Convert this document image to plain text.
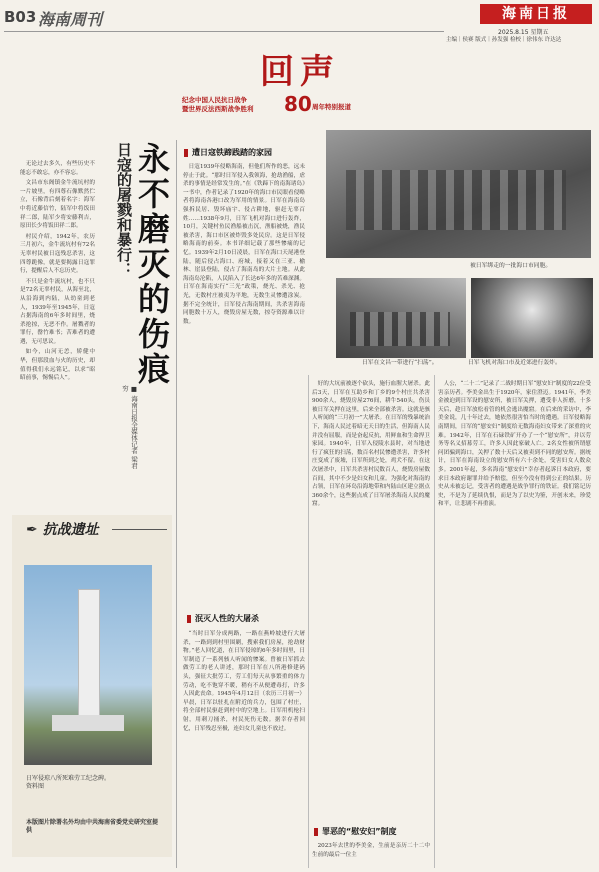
B03 海南周刊	海南日报
2025.8.15 星期五
主编｜侯赛 版式｜孙发强 检校｜徐伟东 许达达
回声
纪念中国人民抗日战争
暨世界反法西斯战争胜利 80 周年特别报道

无论过去多久，有些历史不能忘不敢忘，亦不容忘。

文昌市东阁镇金牛流坑村的一片坡里，有四尊石像默然伫立，石像背后刻着名字：海军中将近藤信竹，陆军中将饭田祥二郎，陆军少将安藤利吉，原田长少将饭田祥二郎。

村民介绍，1942年，农历三月初六，金牛流坑村有72名无辜村民被日寇残忍杀害，这四尊跪像，就是要揭露日寇罪行，提醒后人不忘历史。

不只是金牛流坑村，也不只是72名无辜村民，从海至北，从沿海到内陆，从幼童到老人，1939年至1945年，日寇占据海南的6年多时间里，烧杀抢掠，无恶不作。屠戮者的罪行，罄竹难书；苦难者的遭遇，无可思议。

如今，山河无恙，矫健中华，但那段血与火的历史，却值得我们永远铭记，以求“昭昭前事，惕惕后人”。	永不磨灭的伤痕
日寇的屠戮和暴行：
■ 海南日报全媒体记者 梁君穷
✒ 抗战遗址
日军侵琼八所死难劳工纪念碑。
资料图
本版图片除署名外均由中共海南省委党史研究室提供
遭日寇铁蹄践踏的家园
日寇1939年侵略海南，但他们所作的恶，远未停止于此。“那时日军侵入我领海，抢劫渔船，虐杀的事情是经常发生的。”在《铁蹄下的南海诸岛》一书中，作者记录了1920年的海口市民眼看侵略者将海南各港口改为军用的情景。日军在海南岛强拆民居、毁坏庙宇、侵占耕地，驱赶无辜百姓……1938年9月，日军飞机对海口进行轰炸，10月，关键村鱼民渔船被击沉，渔船被烧，渔民被杀害，海口市区被炸毁多处民房。这是日军侵略海南的前奏。本书详细记载了那些惨痛的记忆。1939年2月10日凌晨，日军在海口天尾港登陆，随后侵占海口、府城，接着又在三亚、榆林、崖县登陆，侵占了海南岛的大片土地。从此海南岛沦陷，人民陷入了长达6年多的苦难深渊。日军在海南实行“三光”政策，烧光、杀光、抢光，无数村庄被夷为平地，无数生灵惨遭涂炭。据不完全统计，日军侵占海南期间，共杀害海南同胞数十万人，烧毁房屋无数，掠夺资源难以计数。
泯灭人性的大屠杀
“当时日军分成两路，一路在燕岭坡进行大屠杀，一路到到村里围剿，搜索我们房屋，抢劫财物。”老人回忆道，在日军侵琼的6年多时间里，日军制造了一系列骇人听闻的惨案。曾被日军抓去做劳工的老人讲述，那时日军在八所港修建码头，强征大批劳工，劳工们每天从事繁重的体力劳动，吃不饱穿不暖，稍有不从便遭毒打，许多人因此丧命。1945年4月12日（农历三月初一）早晨，日军以驻扎在附近的兵力，包围了村庄，将全部村民驱赶到村中的空地上。日军用机枪扫射，用刺刀捅杀，村民死伤无数。据幸存者回忆，日军残忍至极，连妇女儿童也不放过。
被日军绑走的一批海口市同胞。
日军在文昌一带进行“扫荡”。	日军飞机对海口市及近郊进行轰炸。
好的大坑前被逐个砍头，施行血腥大屠杀。此后3天，日军在互助乡和丁乡的9个村庄共杀害900余人，烧毁房屋276间，耕牛540头，伤员被日军关押在这里，后来全部被杀害。这就是骇人听闻的“三月初一”大屠杀。在日军的残暴统治下，海南人民过着暗无天日的生活，但海南人民并没有屈服，而是奋起反抗，用鲜血和生命捍卫家园。1940年，日军入侵陵水县时，对当地进行了疯狂的扫荡，数百名村民惨遭杀害，许多村庄变成了废墟，日军所到之处，鸡犬不留。在这次屠杀中，日军共杀害村民数百人，烧毁房屋数百间，其中不少是妇女和儿童。为强化对海南的占领，日军在环岛沿海地带和内陆山区建立据点360余个，这些据点成了日军屠杀海南人民的魔窟。
罪恶的“慰安妇”制度
2023年去世的李美金，生前是亲历二十二中生前的最后一位主
人公，“二十二”记录了二战时期日军“慰安妇”制度的22位受害亲历者。李美金出生于1920年，家住澄迈。1941年，李美金被迫到日军设的慰安所，被日军关押，遭受非人折磨，十多天后，趁日军放松看管的机会逃出魔窟。在后来的采访中，李美金说，几十年过去，她依然很害怕当时的遭遇。日军侵略海南期间，日军的“慰安妇”制度给无数海南妇女带来了深重的灾难。1942年，日军在石碌铁矿开办了一个“慰安所”，并以劳务等名义招募劳工，许多人因此家破人亡。2名女性被所谓慰问团骗到海口，关押了数十天后又被卖到不同的慰安所。据统计，日军在海南设立的慰安所有六十余处，受害妇女人数众多。2001年起，多名海南“慰安妇”幸存者起诉日本政府，要求日本政府谢罪并给予赔偿，但至今没有得到公正的结果。历史从未被忘记，受害者的遭遇是战争罪行的铁证。我们铭记历史，不是为了延续仇恨，而是为了以史为鉴，开创未来，珍爱和平，让悲剧不再重演。
